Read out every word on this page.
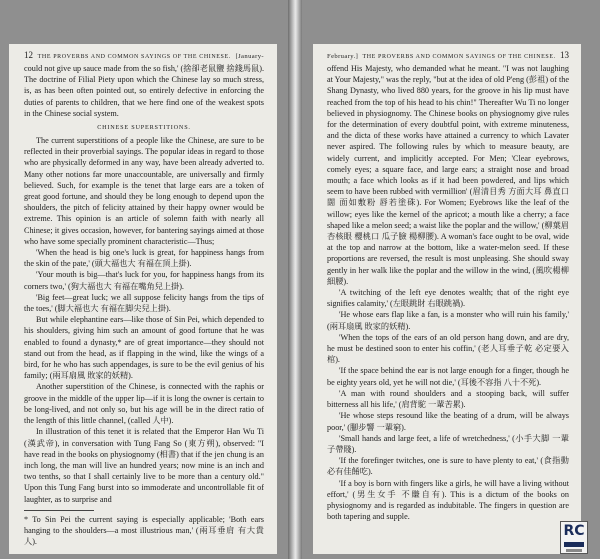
12 THE PROVERBS AND COMMON SAYINGS OF THE CHINESE. [January-

could not give up sauce made from the so fish,' (捨卻老鼠鹽 捨錢馬鼠). The doctrine of Filial Piety upon which the Chinese lay so much stress, is, as has been often pointed out, so entirely defective in enforcing the duties of parents to children, that we here find one of the weakest spots in the Chinese social system.

CHINESE SUPERSTITIONS.

The current superstitions of a people like the Chinese, are sure to be reflected in their proverbial sayings. The popular ideas in regard to those who are physically deformed in any way, have been already adverted to. Many other notions far more unaccountable, are universally and firmly believed. Such, for example is the tenet that large ears are a token of great good fortune, and should they be long enough to depend upon the shoulders, the pitch of felicity attained by their happy owner would be extreme. This opinion is an article of solemn faith with nearly all Chinese; it gives occasion, however, for bantering sayings aimed at those who have some specially prominent characteristic—Thus;

'When the head is big one's luck is great, for happiness hangs from the skin of the pate,' (頭大福也大 有福在頂上掛).

'Your mouth is big—that's luck for you, for happiness hangs from its corners two,' (狗大福也大 有福在嘴角兒上掛).

'Big feet—great luck; we all suppose felicity hangs from the tips of the toes,' (脚大福也大 有福在脚尖兒上掛).

But while elephantine ears—like those of Sin Pei, which depended to his shoulders, giving him such an amount of good fortune that he was enabled to found a dynasty,* are of great importance—they should not stand out from the head, as if flapping in the wind, like the wings of a bird, for he who has such appendages, is sure to be the evil genius of his family; (兩耳扇風 敗家的妖精).

Another superstition of the Chinese, is connected with the raphis or groove in the middle of the upper lip—if it is long the owner is certain to be long-lived, and not only so, but his age will be in the direct ratio of the length of this little channel, (called 人中).

In illustration of this tenet it is related that the Emperor Han Wu Ti (漢武帝), in conversation with Tung Fang So (東方朔), observed: "I have read in the books on physiognomy (相書) that if the jen chung is an inch long, the man will live an hundred years; now mine is an inch and two tenths, so that I shall certainly live to be more than a century old." Upon this Tung Fang burst into so immoderate and uncontrollable fit of laughter, as to surprise and

* To Sin Pei the current saying is especially applicable; 'Both ears hanging to the shoulders—a most illustrious man,' (兩耳垂肩 有大貴人).

February.] THE PROVERBS AND COMMON SAYINGS OF THE CHINESE. 13

offend His Majesty, who demanded what he meant. "I was not laughing at Your Majesty," was the reply, "but at the idea of old P'eng (彭祖) of the Shang Dynasty, who lived 880 years, for the groove in his lip must have reached from the top of his head to his chin!" Thereafter Wu Ti no longer believed in physiognomy. The Chinese books on physiognomy give rules for the determination of every doubtful point, with extreme minuteness, and the dicta of these works have attained a currency to which Lavater never aspired. The following rules by which to measure beauty, are widely current, and implicitly accepted. For Men; 'Clear eyebrows, comely eyes; a square face, and large ears; a straight nose and broad mouth; a face which looks as if it had been powdered, and lips which seem to have been rubbed with vermillion' (眉清目秀 方面大耳 鼻直口闊 面如敷粉 唇若塗硃). For Women; Eyebrows like the leaf of the willow; eyes like the kernel of the apricot; a mouth like a cherry; a face shaped like a melon seed; a waist like the poplar and the willow,' (柳葉眉 杏核眼 櫻桃口 瓜子臉 楊柳腰). A woman's face ought to be oval, wide at the top and narrow at the bottom, like a water-melon seed. If these proportions are reversed, the result is most unpleasing. She should sway gently in her walk like the poplar and the willow in the wind, (風吹楊柳細腰).

'A twitching of the left eye denotes wealth; that of the right eye signifies calamity,' (左眼跳財 右眼跳禍).

'He whose ears flap like a fan, is a monster who will ruin his family,' (兩耳扇風 敗家的妖精).

'When the tops of the ears of an old person hang down, and are dry, he must be destined soon to enter his coffin,' (老人耳垂子乾 必定要入棺).

'If the space behind the ear is not large enough for a finger, though he be eighty years old, yet he will not die,' (耳後不容指 八十不死).

'A man with round shoulders and a stooping back, will suffer bitterness all his life,' (肩背駝 一輩苦累).

'He whose steps resound like the beating of a drum, will be always poor,' (腳步響 一輩窮).

'Small hands and large feet, a life of wretchedness,' (小手大脚 一輩子帶賤).

'If the forefinger twitches, one is sure to have plenty to eat,' (食指動 必有佳餚吃).

'If a boy is born with fingers like a girls, he will have a living without effort,' (男生女手 不賺自有). This is a dictum of the books on physiognomy and is regarded as indubitable. The fingers in question are both tapering and supple.

RC
